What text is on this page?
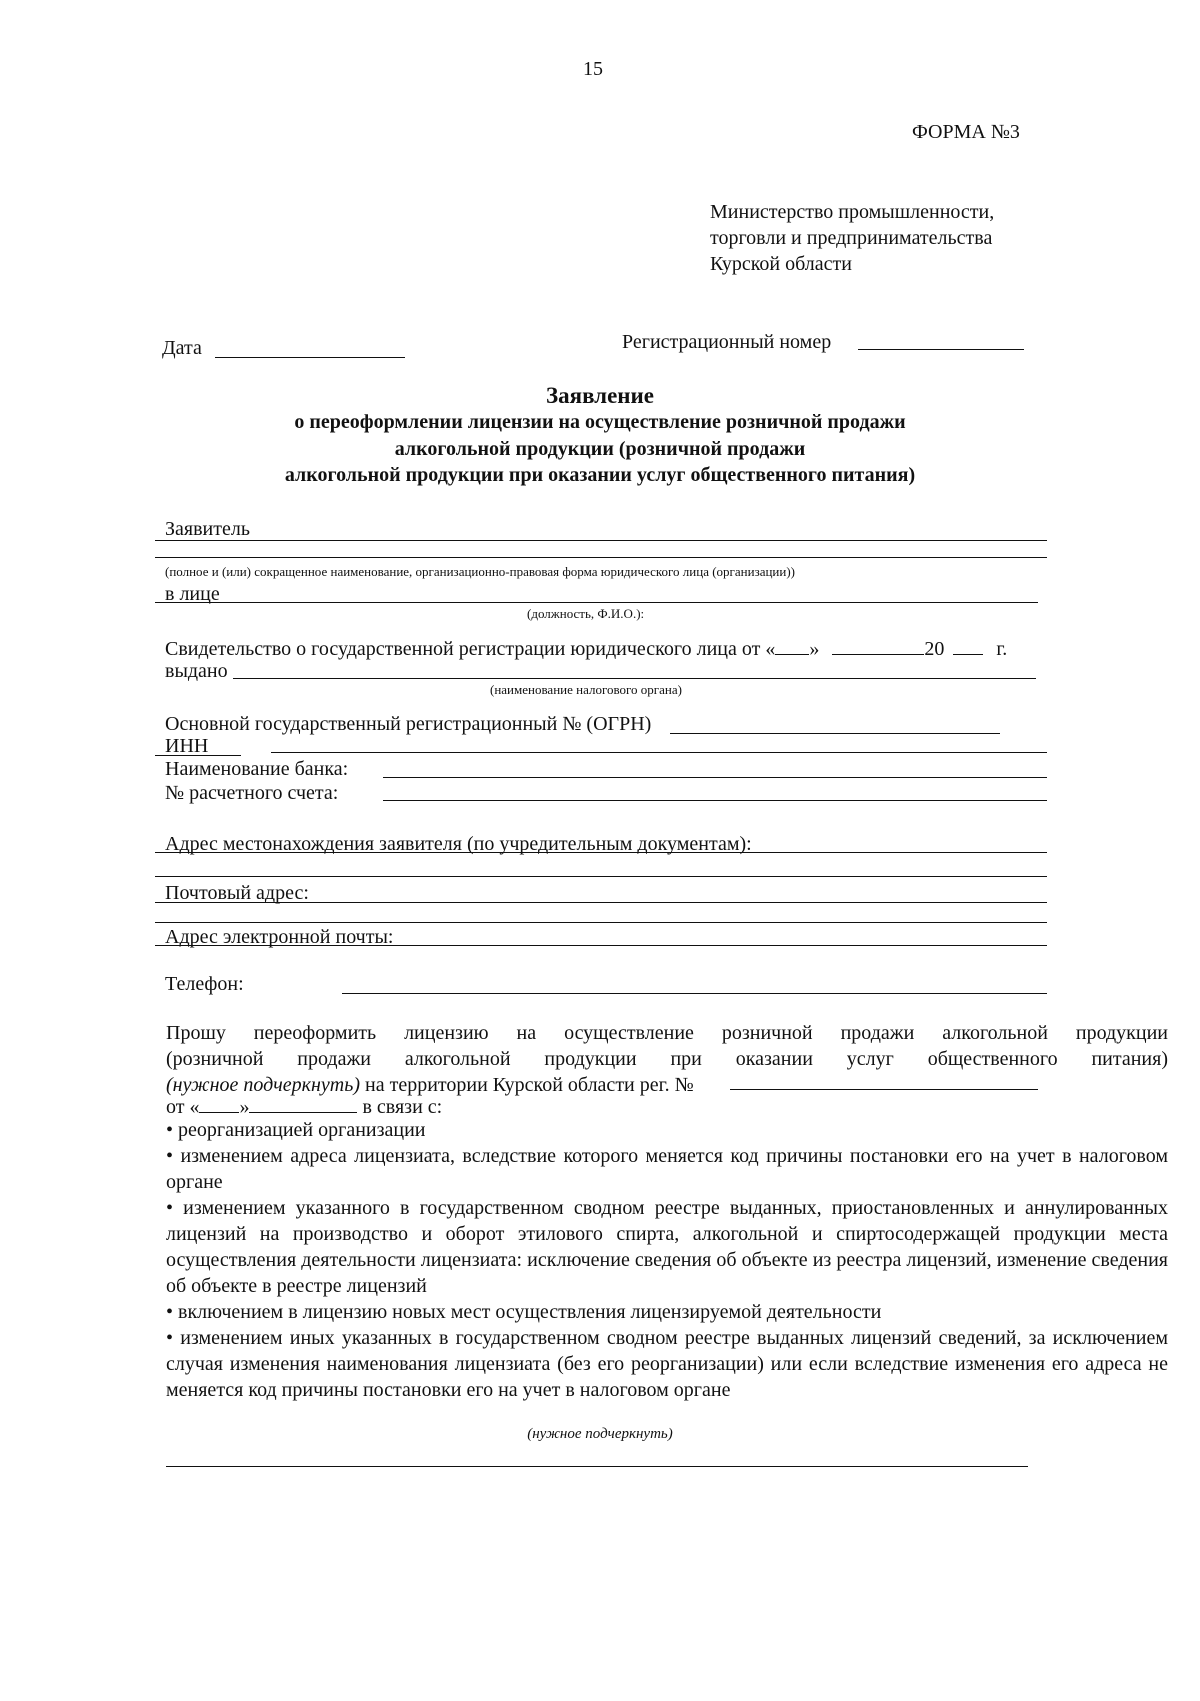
15
ФОРМА №3
Министерство промышленности,
торговли и предпринимательства
Курской области
Дата	Регистрационный номер
Заявление
о переоформлении лицензии на осуществление розничной продажи
алкогольной продукции (розничной продажи
алкогольной продукции при оказании услуг общественного питания)
Заявитель
(полное и (или) сокращенное наименование, организационно-правовая форма юридического лица (организации))
в лице
(должность, Ф.И.О.):
Свидетельство о государственной регистрации юридического лица от « »	20	г.
выдано
(наименование налогового органа)
Основной государственный регистрационный № (ОГРН)
ИНН
Наименование банка:
№ расчетного счета:
Адрес местонахождения заявителя (по учредительным документам):
Почтовый адрес:
Адрес электронной почты:
Телефон:
Прошу переоформить лицензию на осуществление розничной продажи алкогольной продукции
(розничной продажи алкогольной продукции при оказании услуг общественного питания)
(нужное подчеркнуть) на территории Курской области рег. №
от « »	в связи с:
• реорганизацией организации
• изменением адреса лицензиата, вследствие которого меняется код причины постановки его на учет в налоговом органе
• изменением указанного в государственном сводном реестре выданных, приостановленных и аннулированных лицензий на производство и оборот этилового спирта, алкогольной и спиртосодержащей продукции места осуществления деятельности лицензиата: исключение сведения об объекте из реестра лицензий, изменение сведения об объекте в реестре лицензий
• включением в лицензию новых мест осуществления лицензируемой деятельности
• изменением иных указанных в государственном сводном реестре выданных лицензий сведений, за исключением случая изменения наименования лицензиата (без его реорганизации) или если вследствие изменения его адреса не меняется код причины постановки его на учет в налоговом органе
(нужное подчеркнуть)
